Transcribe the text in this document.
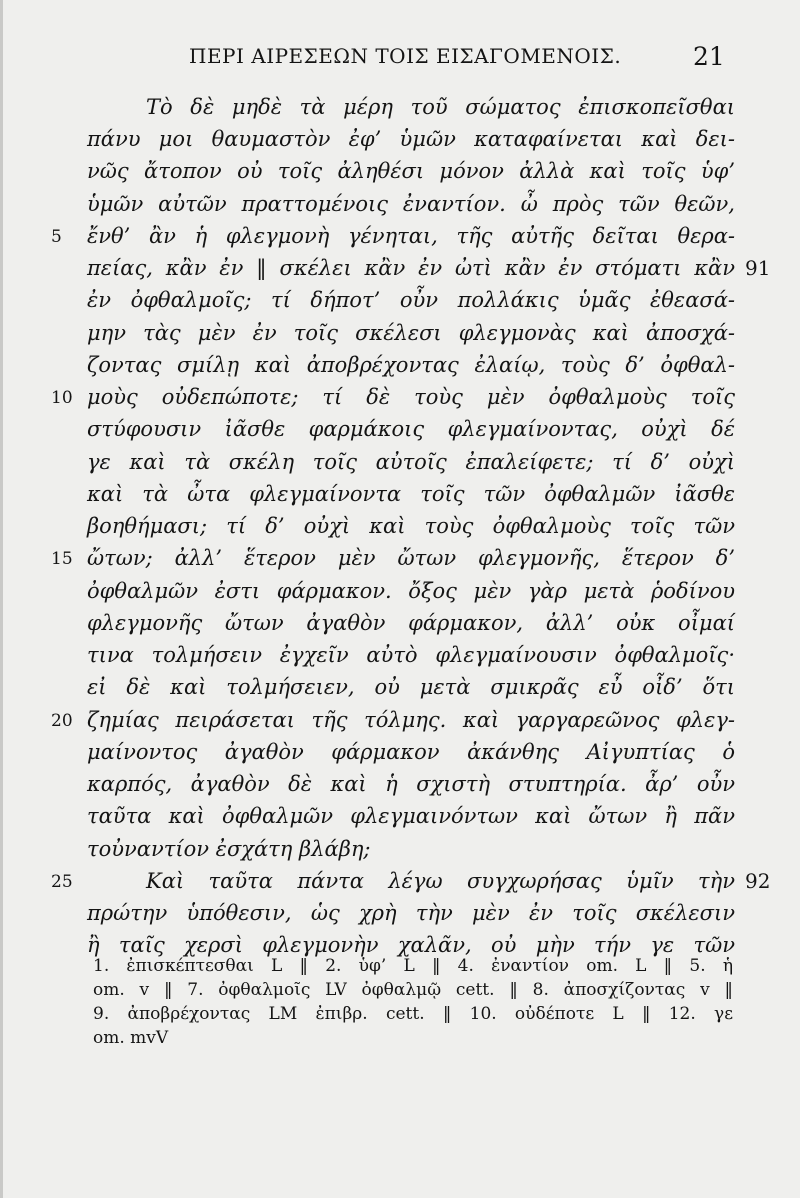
ΠΕΡΙ ΑΙΡΕΣΕΩΝ ΤΟΙΣ ΕΙΣΑΓΟΜΕΝΟΙΣ.	21
Τὸ δὲ μηδὲ τὰ μέρη τοῦ σώματος ἐπισκοπεῖσθαι
πάνυ μοι θαυμαστὸν ἐφ’ ὑμῶν καταφαίνεται καὶ δει-
νῶς ἄτοπον οὐ τοῖς ἀληθέσι μόνον ἀλλὰ καὶ τοῖς ὑφ’
ὑμῶν αὐτῶν πραττομένοις ἐναντίον. ὦ πρὸς τῶν θεῶν,
ἔνθ’ ἂν ἡ φλεγμονὴ γένηται, τῆς αὐτῆς δεῖται θερα-
πείας, κἂν ἐν ‖ σκέλει κἂν ἐν ὠτὶ κἂν ἐν στόματι κἂν
ἐν ὀφθαλμοῖς; τί δήποτ’ οὖν πολλάκις ὑμᾶς ἐθεασά-
μην τὰς μὲν ἐν τοῖς σκέλεσι φλεγμονὰς καὶ ἀποσχά-
ζοντας σμίλῃ καὶ ἀποβρέχοντας ἐλαίῳ, τοὺς δ’ ὀφθαλ-
μοὺς οὐδεπώποτε; τί δὲ τοὺς μὲν ὀφθαλμοὺς τοῖς
στύφουσιν ἰᾶσθε φαρμάκοις φλεγμαίνοντας, οὐχὶ δέ
γε καὶ τὰ σκέλη τοῖς αὐτοῖς ἐπαλείφετε; τί δ’ οὐχὶ
καὶ τὰ ὦτα φλεγμαίνοντα τοῖς τῶν ὀφθαλμῶν ἰᾶσθε
βοηθήμασι; τί δ’ οὐχὶ καὶ τοὺς ὀφθαλμοὺς τοῖς τῶν
ὤτων; ἀλλ’ ἕτερον μὲν ὤτων φλεγμονῆς, ἕτερον δ’
ὀφθαλμῶν ἐστι φάρμακον. ὄξος μὲν γὰρ μετὰ ῥοδίνου
φλεγμονῆς ὤτων ἀγαθὸν φάρμακον, ἀλλ’ οὐκ οἶμαί
τινα τολμήσειν ἐγχεῖν αὐτὸ φλεγμαίνουσιν ὀφθαλμοῖς·
εἰ δὲ καὶ τολμήσειεν, οὐ μετὰ σμικρᾶς εὖ οἶδ’ ὅτι
ζημίας πειράσεται τῆς τόλμης. καὶ γαργαρεῶνος φλεγ-
μαίνοντος ἀγαθὸν φάρμακον ἀκάνθης Αἰγυπτίας ὁ
καρπός, ἀγαθὸν δὲ καὶ ἡ σχιστὴ στυπτηρία. ἆρ’ οὖν
ταῦτα καὶ ὀφθαλμῶν φλεγμαινόντων καὶ ὤτων ἢ πᾶν
τοὐναντίον ἐσχάτη βλάβη;
Καὶ ταῦτα πάντα λέγω συγχωρήσας ὑμῖν τὴν
πρώτην ὑπόθεσιν, ὡς χρὴ τὴν μὲν ἐν τοῖς σκέλεσιν
ἢ ταῖς χερσὶ φλεγμονὴν χαλᾶν, οὐ μὴν τήν γε τῶν
5
10
15
20
25
91
92
1. ἐπισκέπτεσθαι L ‖ 2. ὑφ’ L ‖ 4. ἐναντίον om. L ‖ 5. ἡ
om. v ‖ 7. ὀφθαλμοῖς LV ὀφθαλμῷ cett. ‖ 8. ἀποσχίζοντας v ‖
9. ἀποβρέχοντας LM ἐπιβρ. cett. ‖ 10. οὐδέποτε L ‖ 12. γε
om. mvV
